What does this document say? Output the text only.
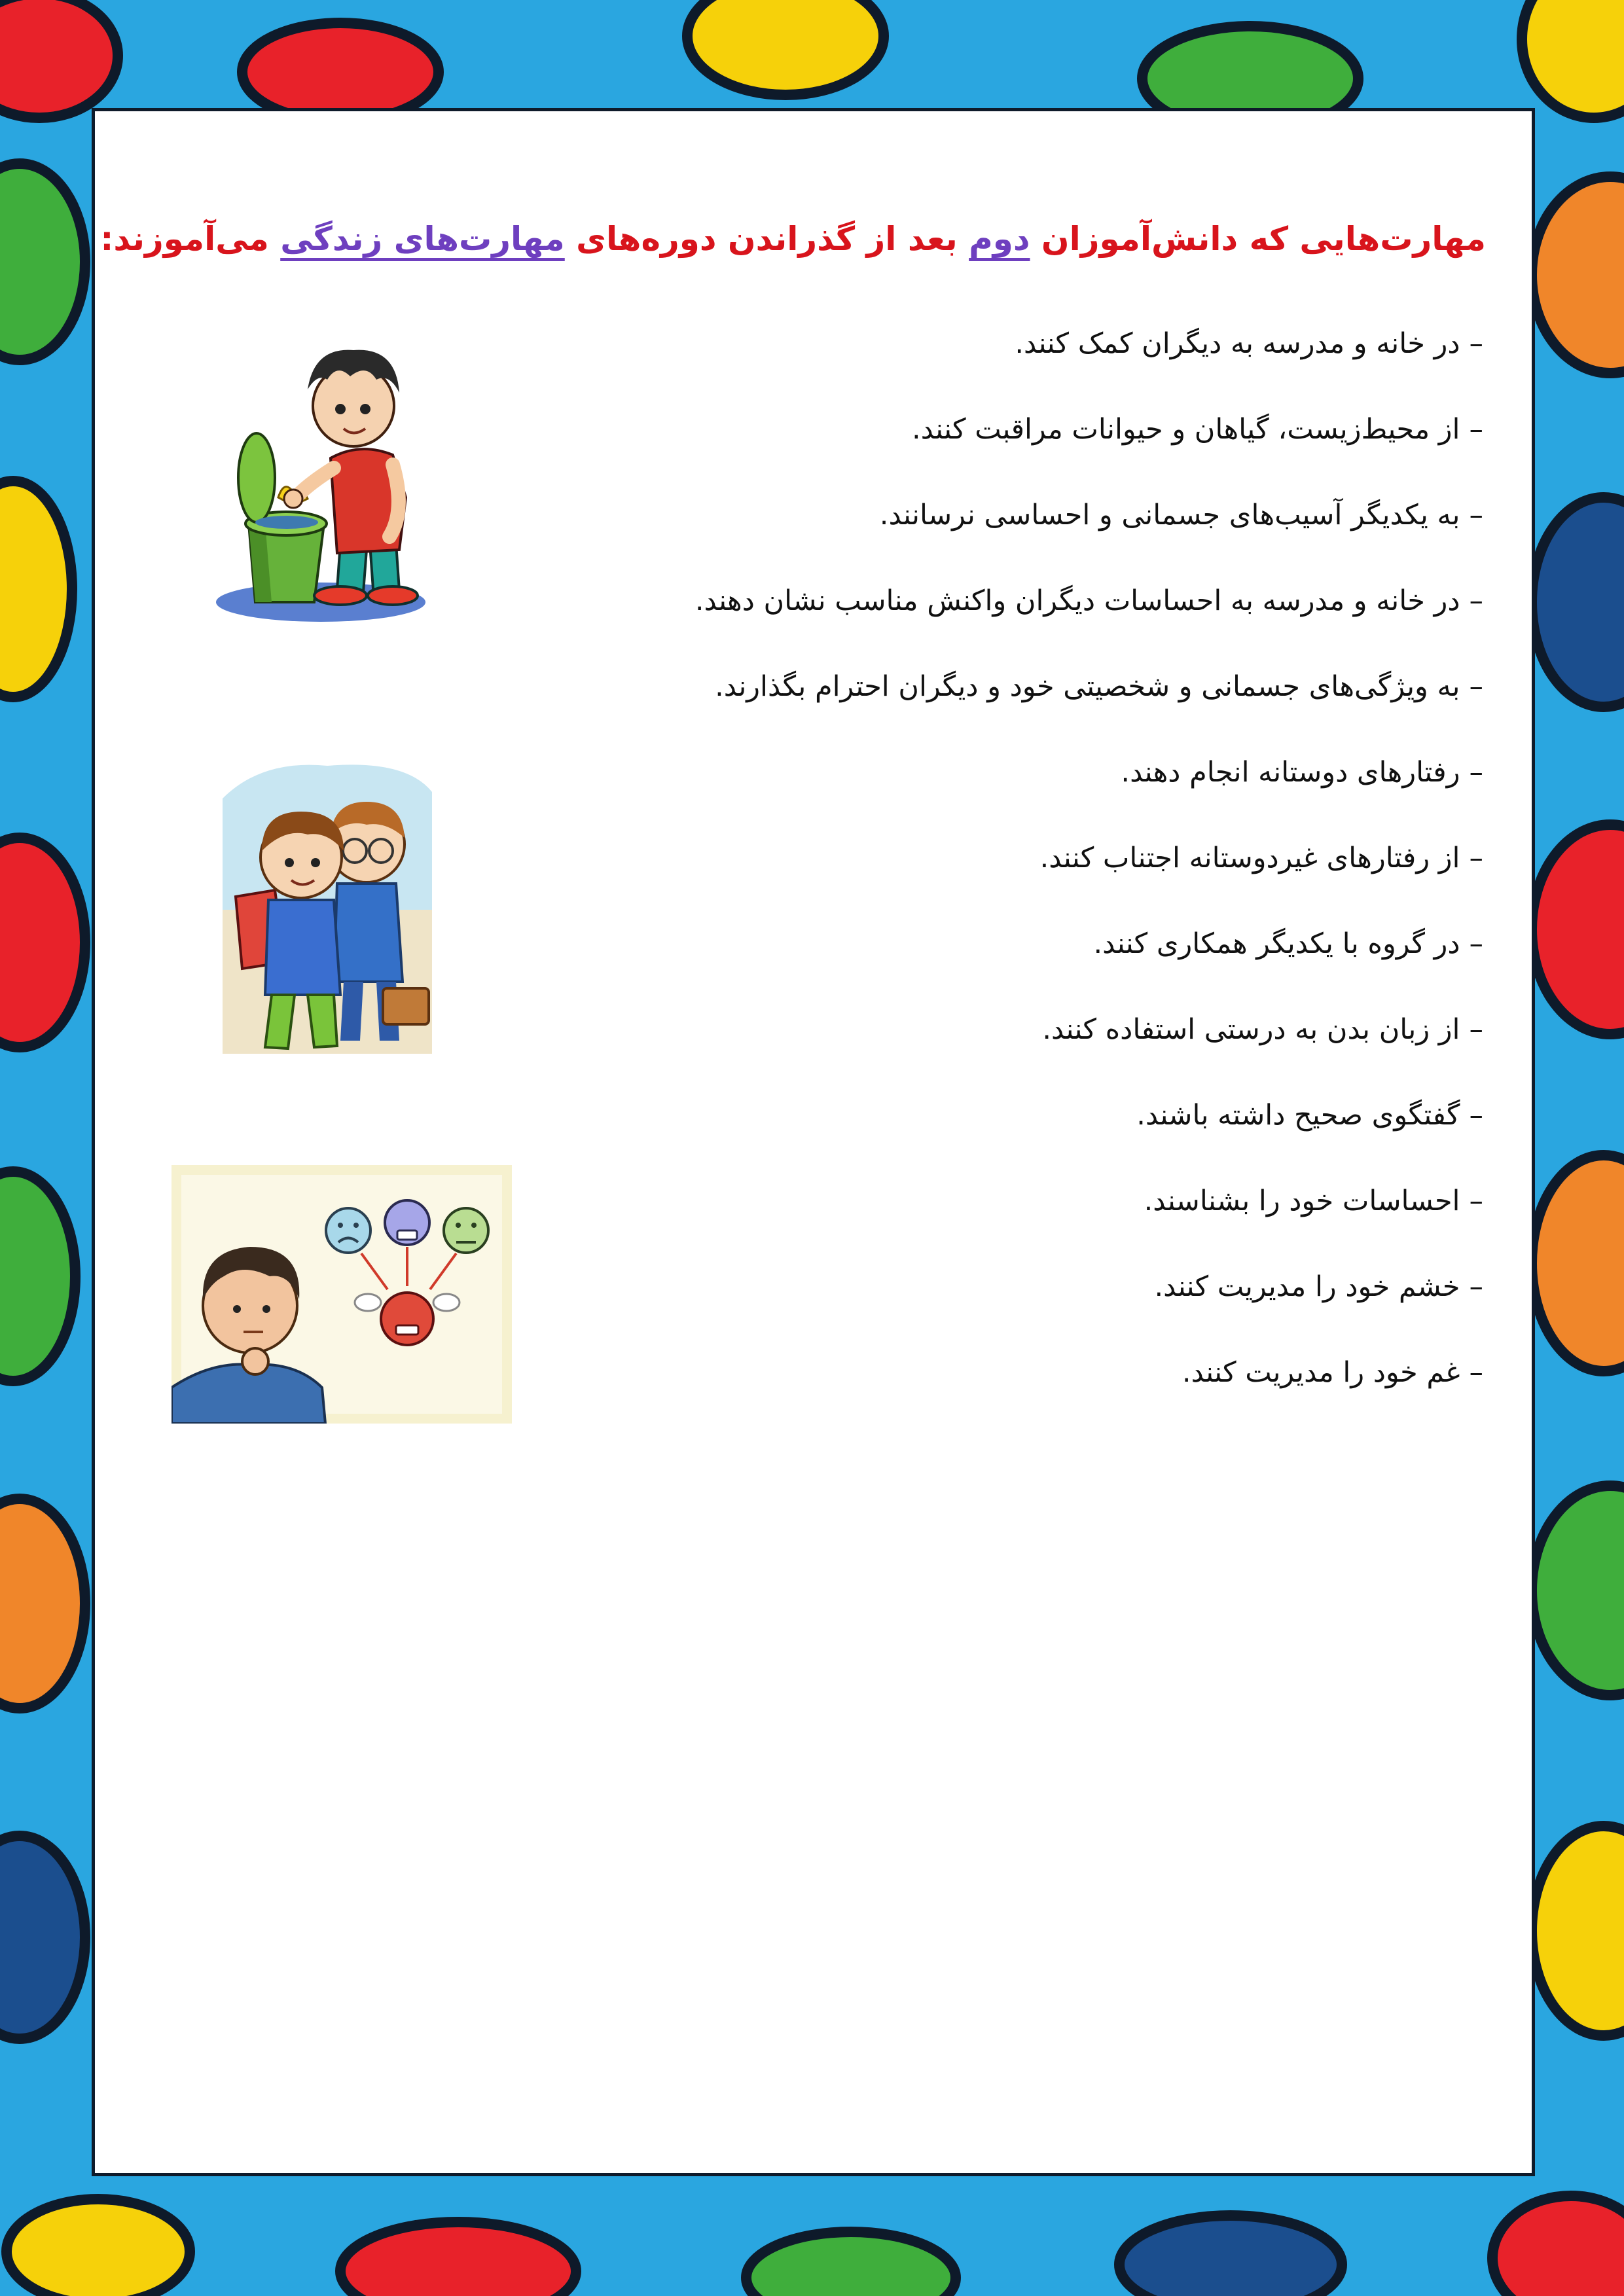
مهارت‌هایی که دانش‌آموزان دوم بعد از گذراندن دوره‌های مهارت‌های زندگی می‌آموزند:
–در خانه و مدرسه به دیگران کمک کنند.
–از محیط‌زیست، گیاهان و حیوانات مراقبت کنند.
–به یکدیگر آسیب‌های جسمانی و احساسی نرسانند.
–در خانه و مدرسه به احساسات دیگران واکنش مناسب نشان دهند.
–به ویژگی‌های جسمانی و شخصیتی خود و دیگران احترام بگذارند.
–رفتارهای دوستانه انجام دهند.
–از رفتارهای غیردوستانه اجتناب کنند.
–در گروه با یکدیگر همکاری کنند.
–از زبان بدن به درستی استفاده کنند.
–گفتگوی صحیح داشته باشند.
–احساسات خود را بشناسند.
–خشم خود را مدیریت کنند.
–غم خود را مدیریت کنند.
